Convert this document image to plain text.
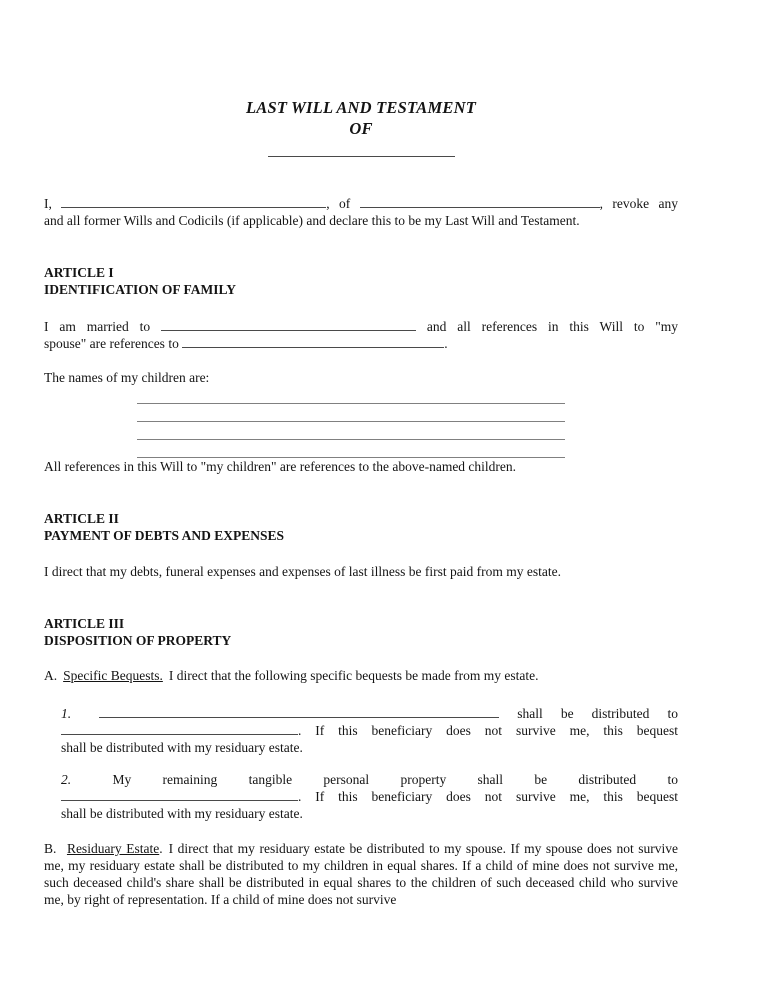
LAST WILL AND TESTAMENT
OF
I,	, of	, revoke any
and all former Wills and Codicils (if applicable) and declare this to be my Last Will and Testament.
ARTICLE I
IDENTIFICATION OF FAMILY
I am married to	and all references in this Will to "my
spouse" are references to	.
The names of my children are:
All references in this Will to "my children" are references to the above-named children.
ARTICLE II
PAYMENT OF DEBTS AND EXPENSES
I direct that my debts, funeral expenses and expenses of last illness be first paid from my estate.
ARTICLE III
DISPOSITION OF PROPERTY
A. Specific Bequests. I direct that the following specific bequests be made from my estate.
1.	shall be distributed to
. If this beneficiary does not survive me, this bequest
shall be distributed with my residuary estate.
2.	My remaining tangible personal property shall be distributed to
. If this beneficiary does not survive me, this bequest
shall be distributed with my residuary estate.
B. Residuary Estate. I direct that my residuary estate be distributed to my spouse. If my spouse does not survive me, my residuary estate shall be distributed to my children in equal shares. If a child of mine does not survive me, such deceased child's share shall be distributed in equal shares to the children of such deceased child who survive me, by right of representation. If a child of mine does not survive
